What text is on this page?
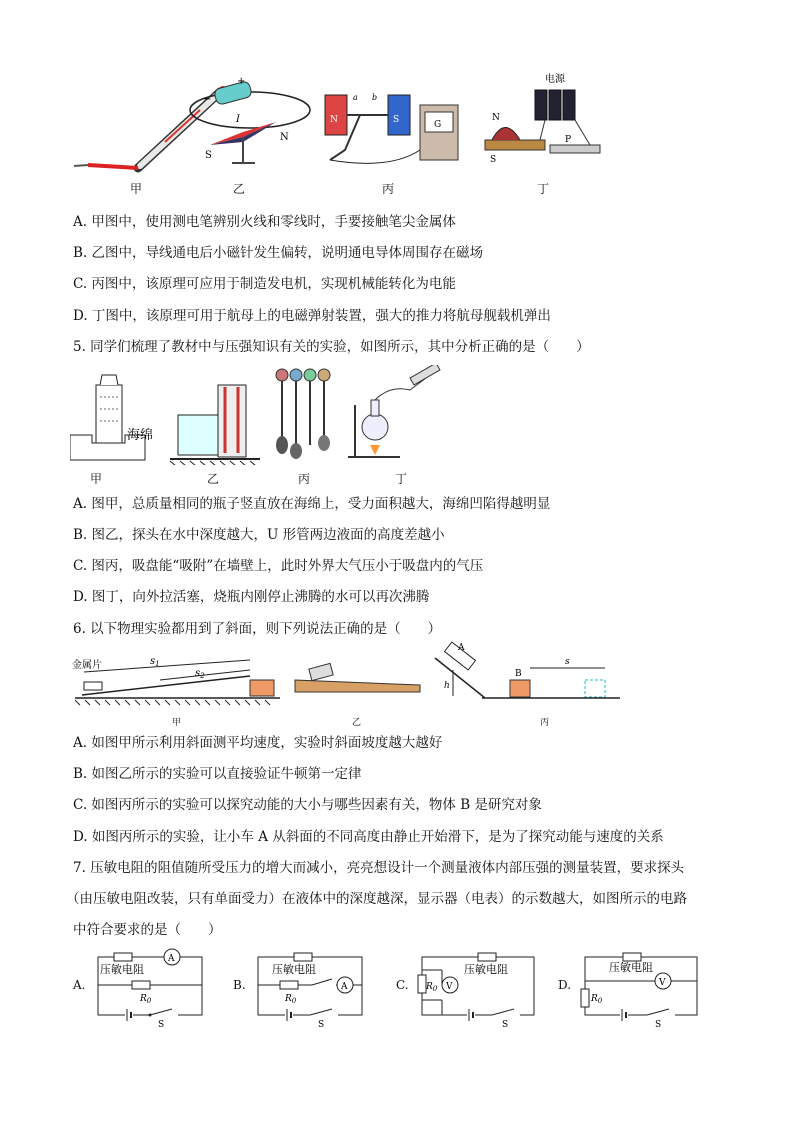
+
−
I
S
N
N	S
a b
G
电源
N
S
P
甲	乙	丙	丁
A. 甲图中，使用测电笔辨别火线和零线时，手要接触笔尖金属体
B. 乙图中，导线通电后小磁针发生偏转，说明通电导体周围存在磁场
C. 丙图中，该原理可应用于制造发电机，实现机械能转化为电能
D. 丁图中，该原理可用于航母上的电磁弹射装置，强大的推力将航母舰载机弹出
5. 同学们梳理了教材中与压强知识有关的实验，如图所示，其中分析正确的是（　　）
海绵
甲	乙	丙	丁
A. 图甲，总质量相同的瓶子竖直放在海绵上，受力面积越大，海绵凹陷得越明显
B. 图乙，探头在水中深度越大，U 形管两边液面的高度差越小
C. 图丙，吸盘能“吸附”在墙壁上，此时外界大气压小于吸盘内的气压
D. 图丁，向外拉活塞，烧瓶内刚停止沸腾的水可以再次沸腾
6. 以下物理实验都用到了斜面，则下列说法正确的是（　　）
金属片	$s_1$
$s_2$
A
h
B
s
甲	乙	丙
A. 如图甲所示利用斜面测平均速度，实验时斜面坡度越大越好
B. 如图乙所示的实验可以直接验证牛顿第一定律
C. 如图丙所示的实验可以探究动能的大小与哪些因素有关，物体 B 是研究对象
D. 如图丙所示的实验，让小车 A 从斜面的不同高度由静止开始滑下，是为了探究动能与速度的关系
7. 压敏电阻的阻值随所受压力的增大而减小，亮亮想设计一个测量液体内部压强的测量装置，要求探头
（由压敏电阻改装，只有单面受力）在液体中的深度越深，显示器（电表）的示数越大，如图所示的电路
中符合要求的是（　　）
A.
A
压敏电阻
$R_0$
S
B.
压敏电阻
A
$R_0$
S
C.
压敏电阻
$R_0$ V
S
D.
压敏电阻
V
$R_0$
S
